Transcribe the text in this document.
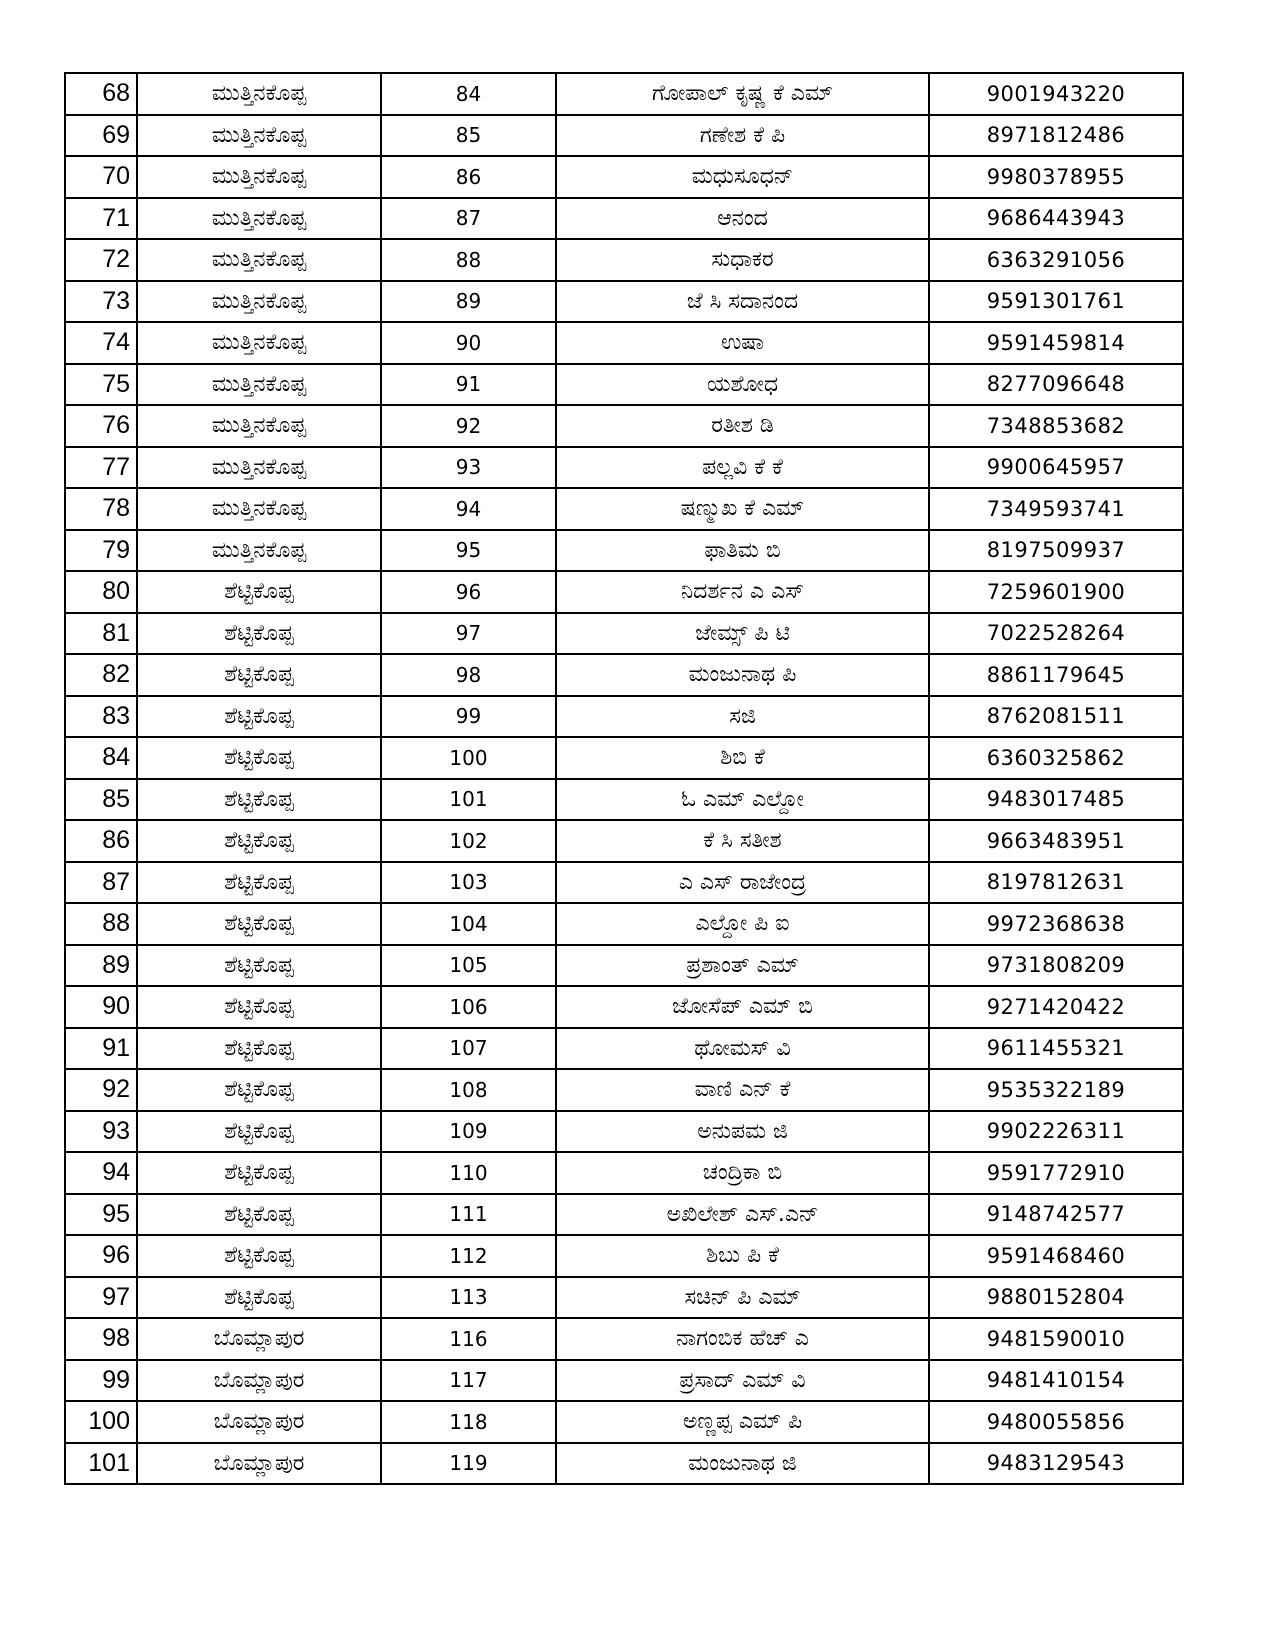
68	ಮುತ್ತಿನಕೊಪ್ಪ	84	ಗೋಪಾಲ್ ಕೃಷ್ಣ ಕೆ ಎಮ್	9001943220
69	ಮುತ್ತಿನಕೊಪ್ಪ	85	ಗಣೇಶ ಕೆ ಪಿ	8971812486
70	ಮುತ್ತಿನಕೊಪ್ಪ	86	ಮಧುಸೂಧನ್	9980378955
71	ಮುತ್ತಿನಕೊಪ್ಪ	87	ಆನಂದ	9686443943
72	ಮುತ್ತಿನಕೊಪ್ಪ	88	ಸುಧಾಕರ	6363291056
73	ಮುತ್ತಿನಕೊಪ್ಪ	89	ಜೆ ಸಿ ಸದಾನಂದ	9591301761
74	ಮುತ್ತಿನಕೊಪ್ಪ	90	ಉಷಾ	9591459814
75	ಮುತ್ತಿನಕೊಪ್ಪ	91	ಯಶೋಧ	8277096648
76	ಮುತ್ತಿನಕೊಪ್ಪ	92	ರತೀಶ ಡಿ	7348853682
77	ಮುತ್ತಿನಕೊಪ್ಪ	93	ಪಲ್ಲವಿ ಕೆ ಕೆ	9900645957
78	ಮುತ್ತಿನಕೊಪ್ಪ	94	ಷಣ್ಮುಖ ಕೆ ಎಮ್	7349593741
79	ಮುತ್ತಿನಕೊಪ್ಪ	95	ಫಾತಿಮ ಬಿ	8197509937
80	ಶೆಟ್ಟಿಕೊಪ್ಪ	96	ನಿದರ್ಶನ ಎ ಎಸ್	7259601900
81	ಶೆಟ್ಟಿಕೊಪ್ಪ	97	ಜೇಮ್ಸ್ ಪಿ ಟಿ	7022528264
82	ಶೆಟ್ಟಿಕೊಪ್ಪ	98	ಮಂಜುನಾಥ ಪಿ	8861179645
83	ಶೆಟ್ಟಿಕೊಪ್ಪ	99	ಸಜಿ	8762081511
84	ಶೆಟ್ಟಿಕೊಪ್ಪ	100	ಶಿಬಿ ಕೆ	6360325862
85	ಶೆಟ್ಟಿಕೊಪ್ಪ	101	ಓ ಎಮ್ ಎಲ್ದೋ	9483017485
86	ಶೆಟ್ಟಿಕೊಪ್ಪ	102	ಕೆ ಸಿ ಸತೀಶ	9663483951
87	ಶೆಟ್ಟಿಕೊಪ್ಪ	103	ಎ ಎಸ್ ರಾಜೇಂದ್ರ	8197812631
88	ಶೆಟ್ಟಿಕೊಪ್ಪ	104	ಎಲ್ದೋ ಪಿ ಐ	9972368638
89	ಶೆಟ್ಟಿಕೊಪ್ಪ	105	ಪ್ರಶಾಂತ್ ಎಮ್	9731808209
90	ಶೆಟ್ಟಿಕೊಪ್ಪ	106	ಜೋಸೆಪ್ ಎಮ್ ಬಿ	9271420422
91	ಶೆಟ್ಟಿಕೊಪ್ಪ	107	ಥೋಮಸ್ ವಿ	9611455321
92	ಶೆಟ್ಟಿಕೊಪ್ಪ	108	ವಾಣಿ ಎನ್ ಕೆ	9535322189
93	ಶೆಟ್ಟಿಕೊಪ್ಪ	109	ಅನುಪಮ ಜಿ	9902226311
94	ಶೆಟ್ಟಿಕೊಪ್ಪ	110	ಚಂದ್ರಿಕಾ ಬಿ	9591772910
95	ಶೆಟ್ಟಿಕೊಪ್ಪ	111	ಅಖಿಲೇಶ್ ಎಸ್.ಎನ್	9148742577
96	ಶೆಟ್ಟಿಕೊಪ್ಪ	112	ಶಿಬು ಪಿ ಕೆ	9591468460
97	ಶೆಟ್ಟಿಕೊಪ್ಪ	113	ಸಚಿನ್ ಪಿ ಎಮ್	9880152804
98	ಬೊಮ್ಲಾಪುರ	116	ನಾಗಂಬಿಕ ಹೆಚ್ ಎ	9481590010
99	ಬೊಮ್ಲಾಪುರ	117	ಪ್ರಸಾದ್ ಎಮ್ ವಿ	9481410154
100	ಬೊಮ್ಲಾಪುರ	118	ಅಣ್ಣಪ್ಪ ಎಮ್ ಪಿ	9480055856
101	ಬೊಮ್ಲಾಪುರ	119	ಮಂಜುನಾಥ ಜಿ	9483129543
